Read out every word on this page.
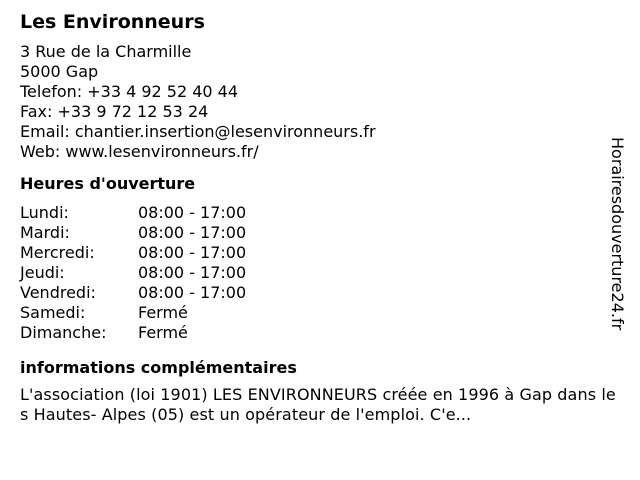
Les Environneurs
3 Rue de la Charmille
5000 Gap
Telefon: +33 4 92 52 40 44
Fax: +33 9 72 12 53 24
Email: chantier.insertion@lesenvironneurs.fr
Web: www.lesenvironneurs.fr/
Heures d'ouverture
Lundi:	08:00 - 17:00
Mardi:	08:00 - 17:00
Mercredi:	08:00 - 17:00
Jeudi:	08:00 - 17:00
Vendredi:	08:00 - 17:00
Samedi:	Fermé
Dimanche:	Fermé
informations complémentaires
L'association (loi 1901) LES ENVIRONNEURS créée en 1996 à Gap dans les Hautes- Alpes (05) est un opérateur de l'emploi. C'e...
Horairesdouverture24.fr
